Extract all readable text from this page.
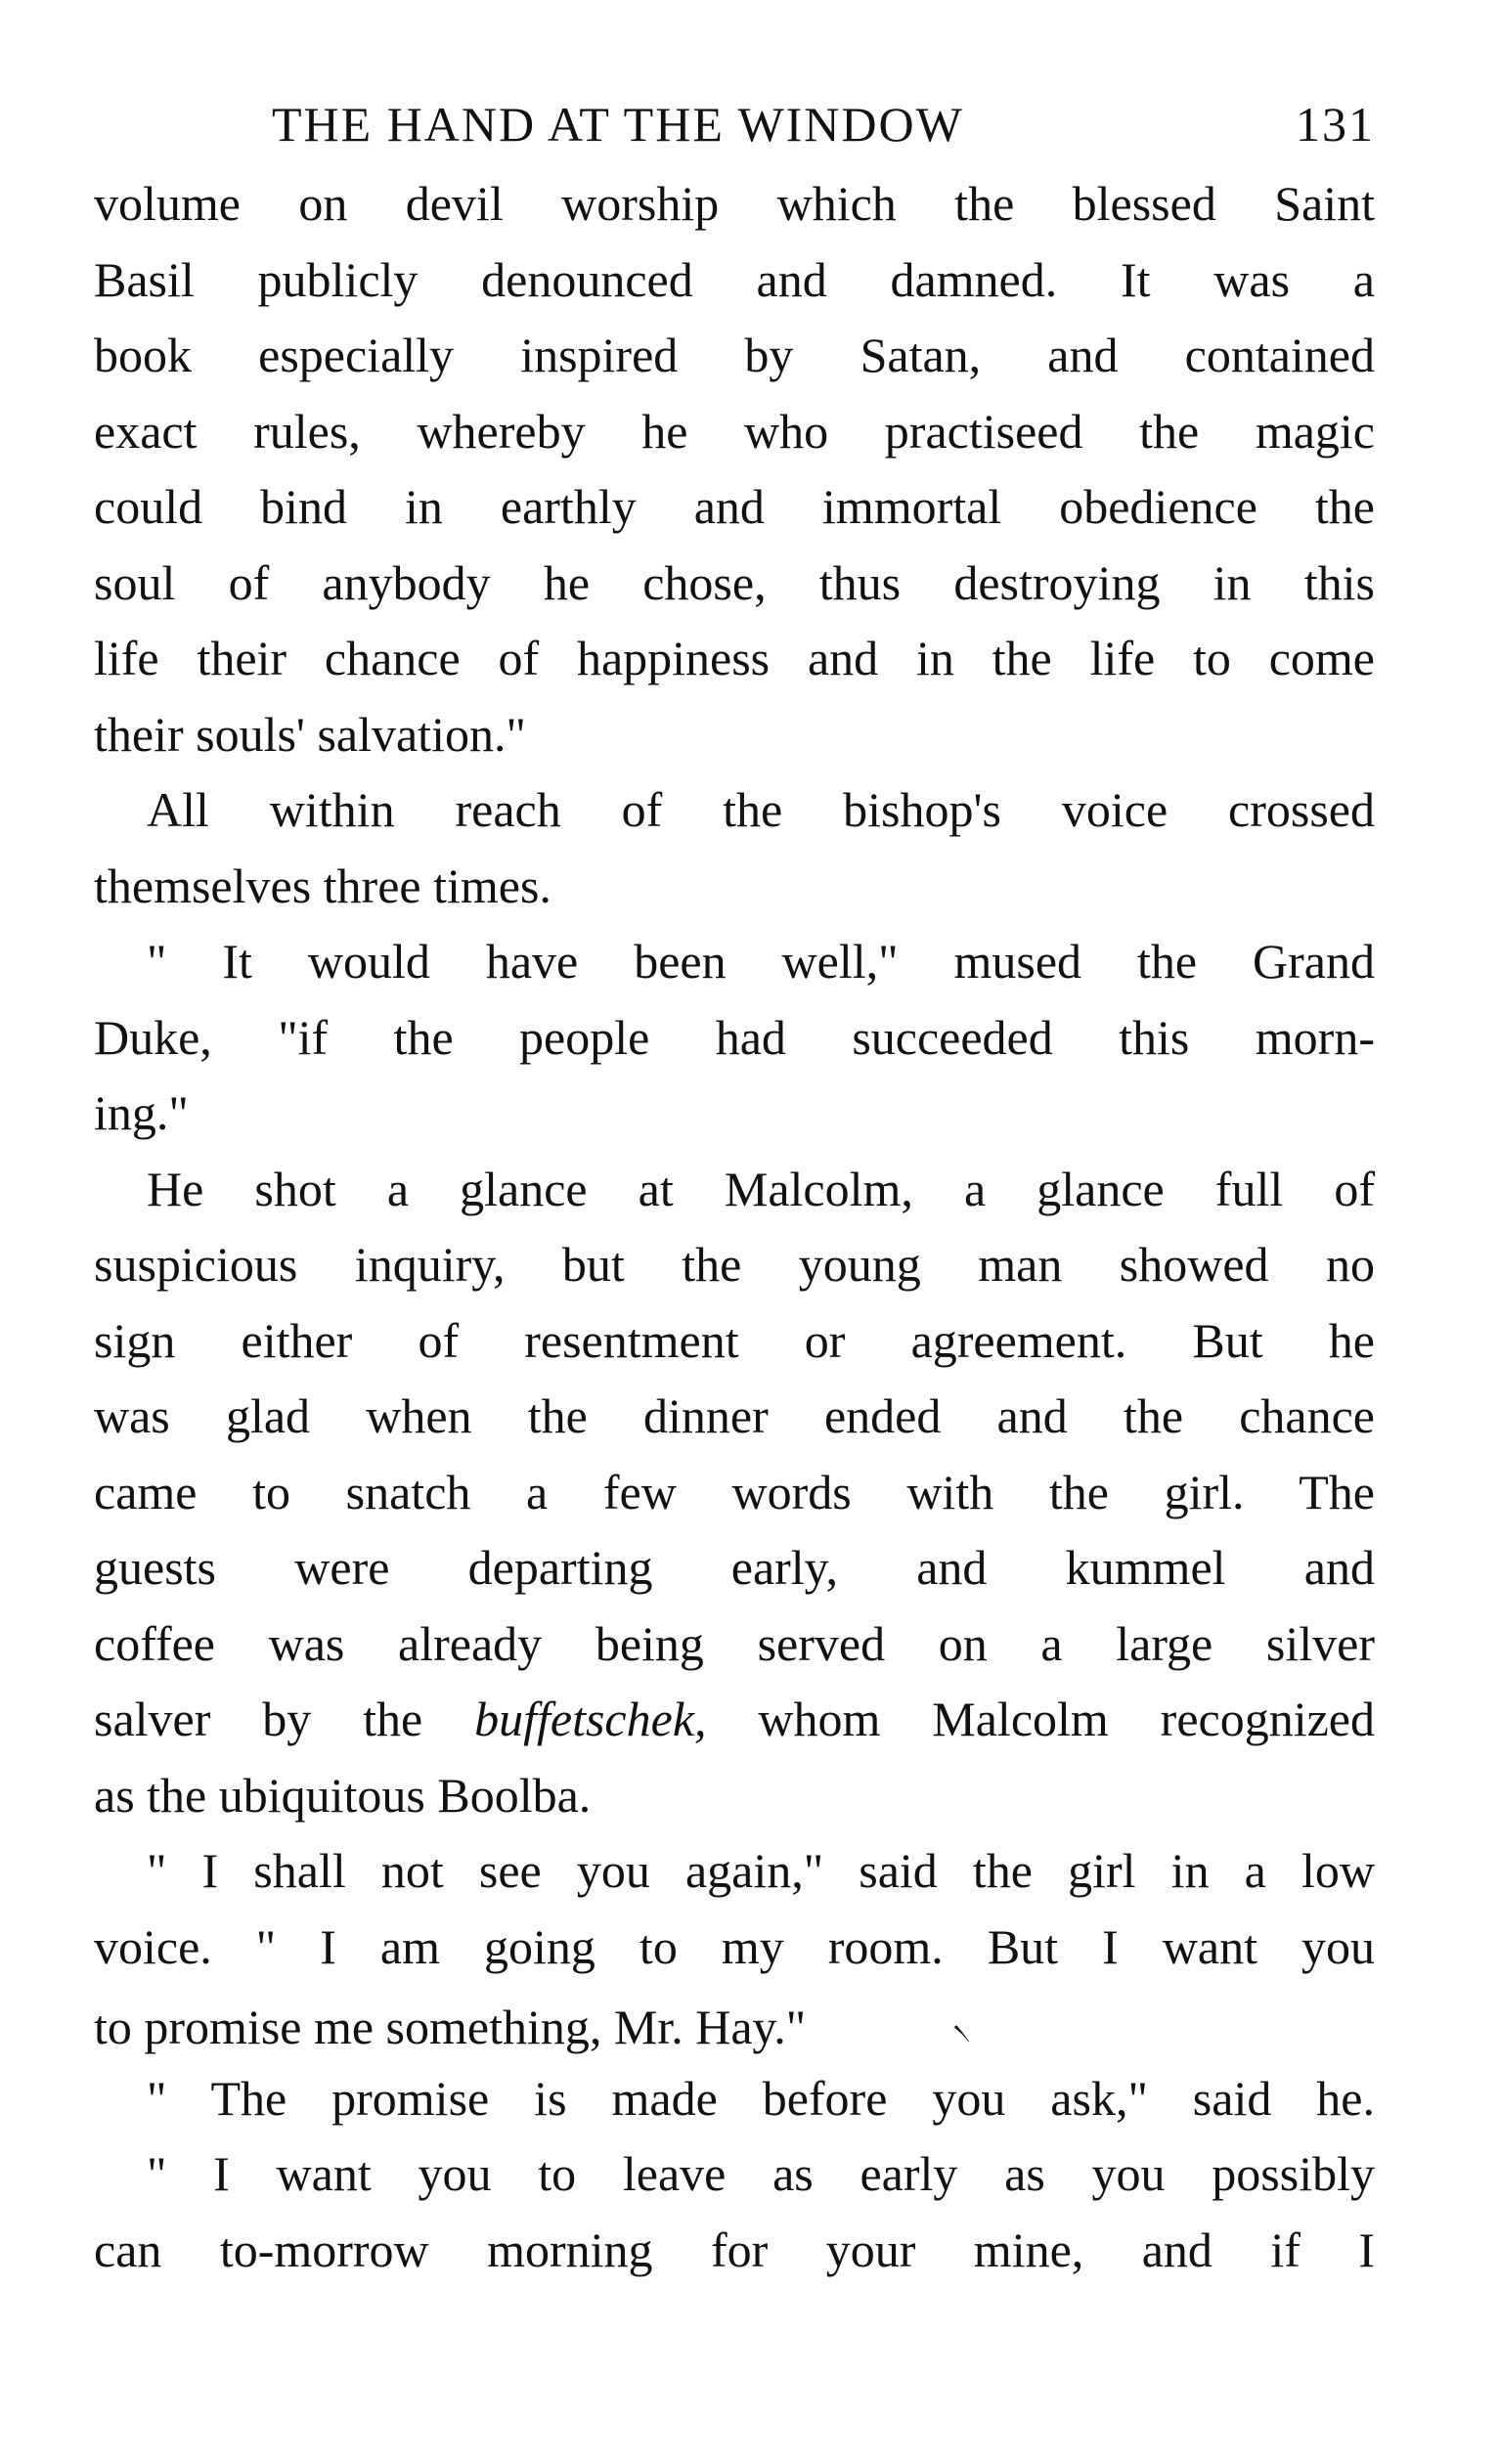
THE HAND AT THE WINDOW	131
volume on devil worship which the blessed Saint
Basil publicly denounced and damned. It was a
book especially inspired by Satan, and contained
exact rules, whereby he who practiseed the magic
could bind in earthly and immortal obedience the
soul of anybody he chose, thus destroying in this
life their chance of happiness and in the life to come
their souls' salvation."
All within reach of the bishop's voice crossed
themselves three times.
" It would have been well," mused the Grand
Duke, "if the people had succeeded this morn-
ing."
He shot a glance at Malcolm, a glance full of
suspicious inquiry, but the young man showed no
sign either of resentment or agreement. But he
was glad when the dinner ended and the chance
came to snatch a few words with the girl. The
guests were departing early, and kummel and
coffee was already being served on a large silver
salver by the buffetschek, whom Malcolm recognized
as the ubiquitous Boolba.
" I shall not see you again," said the girl in a low
voice. " I am going to my room. But I want you
to promise me something, Mr. Hay."	৲
" The promise is made before you ask," said he.
" I want you to leave as early as you possibly
can to-morrow morning for your mine, and if I
